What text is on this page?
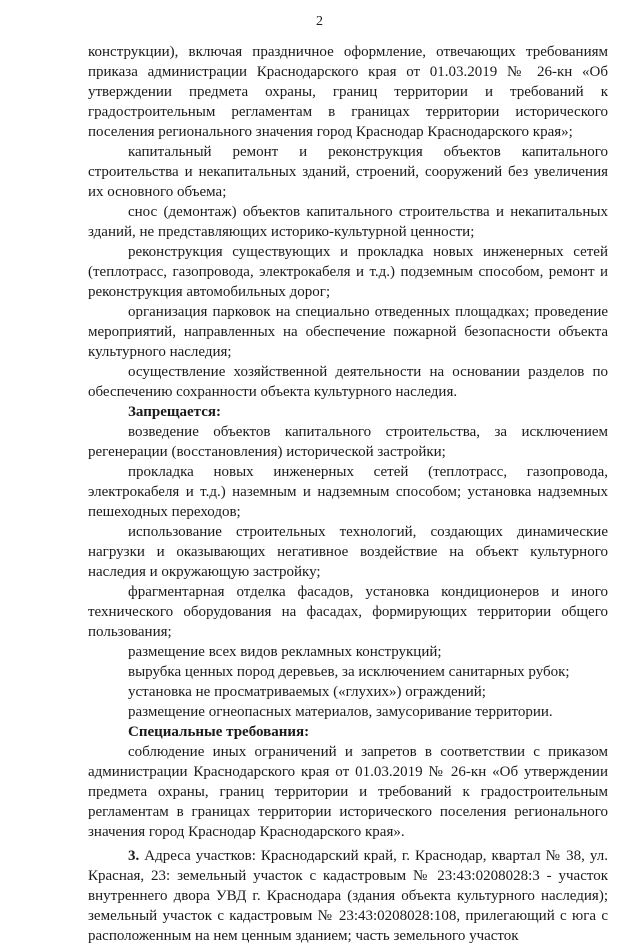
2

конструкции), включая праздничное оформление, отвечающих требованиям приказа администрации Краснодарского края от 01.03.2019 № 26-кн «Об утверждении предмета охраны, границ территории и требований к градостроительным регламентам в границах территории исторического поселения регионального значения город Краснодар Краснодарского края»;

капитальный ремонт и реконструкция объектов капитального строительства и некапитальных зданий, строений, сооружений без увеличения их основного объема;

снос (демонтаж) объектов капитального строительства и некапитальных зданий, не представляющих историко-культурной ценности;

реконструкция существующих и прокладка новых инженерных сетей (теплотрасс, газопровода, электрокабеля и т.д.) подземным способом, ремонт и реконструкция автомобильных дорог;

организация парковок на специально отведенных площадках; проведение мероприятий, направленных на обеспечение пожарной безопасности объекта культурного наследия;

осуществление хозяйственной деятельности на основании разделов по обеспечению сохранности объекта культурного наследия.

Запрещается:

возведение объектов капитального строительства, за исключением регенерации (восстановления) исторической застройки;

прокладка новых инженерных сетей (теплотрасс, газопровода, электрокабеля и т.д.) наземным и надземным способом; установка надземных пешеходных переходов;

использование строительных технологий, создающих динамические нагрузки и оказывающих негативное воздействие на объект культурного наследия и окружающую застройку;

фрагментарная отделка фасадов, установка кондиционеров и иного технического оборудования на фасадах, формирующих территории общего пользования;

размещение всех видов рекламных конструкций;

вырубка ценных пород деревьев, за исключением санитарных рубок;

установка не просматриваемых («глухих») ограждений;

размещение огнеопасных материалов, замусоривание территории.

Специальные требования:

соблюдение иных ограничений и запретов в соответствии с приказом администрации Краснодарского края от 01.03.2019 № 26-кн «Об утверждении предмета охраны, границ территории и требований к градостроительным регламентам в границах территории исторического поселения регионального значения город Краснодар Краснодарского края».

3. Адреса участков: Краснодарский край, г. Краснодар, квартал № 38, ул. Красная, 23: земельный участок с кадастровым № 23:43:0208028:3 - участок внутреннего двора УВД г. Краснодара (здания объекта культурного наследия); земельный участок с кадастровым № 23:43:0208028:108, прилегающий с юга с расположенным на нем ценным зданием; часть земельного участок
